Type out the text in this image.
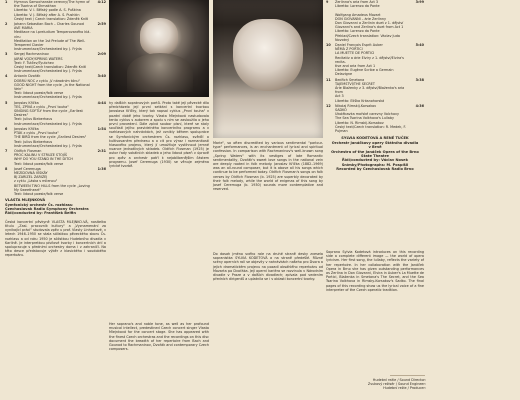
1	4:12
Hymnus Samochanske cerevny/The hymn of
the Tsarina of Shmakhan
Libretto: V. I. Bělský podle A. S. Puškina
Libretto: V. J. Bělský after A. S. Pushkin
Český text / Czech translation: Zdeněk Knitl
2	2:59
Johann Sebastian Bach – Charles Gounod
AVE MARIA
Meditace na I.preludium Temperovaného klá-
víru
Meditation on the 1st Prelude of The Well-
Tempered Clavier
Instrumentace/Orchestrated by: J. Frýda
3	2:09
Sergej Rachmaninov
JARNÍ VODY/SPRING WATERS
Text: F. Ťutčev/Tyutchev
Český text/Czech translation: Zdeněk Knitl
Instrumentace/Orchestrated by: J. Frýda
4	3:40
Antonín Dvořák
DOBRÚ NOC z cyklu „V národním tónu"
GOOD NIGHT from the cycle „In the National
Vein"
Text: lidová poesie/folk verse
Instrumentace/Orchestrated by: J. Frýda
5	4:44
Jaroslav Křička
TEŠ, ZPÍVÁ z cyklu „První touha"
SINGING SOFTLY from the cycle „Earliest
Desires"
Text: Julius Bieberhaus
Instrumentace/Orchestrated by: J. Frýda
6	1:54
Jaroslav Křička
PTÁK z cyklu „První touha"
THE BIRD from the cycle „Earliest Desires"
Text: Julius Bieberhaus
Instrumentace/Orchestrated by: J. Frýda
7	2:31
Oldřich Flosman
PROČ KALINU V STRUZE STOJÍŠ
WHY DO YOU STAND IN THE DITCH
Text: lidová poesie/folk verse
8	1:36
Josef Ceremuga
MEZIDOVNÁ VÍSKÁY
BJ ZARIZEL ZARIZEJ
z cyklu „Láska s milenou"
BETWEEN TWO HILLS from the cycle „Loving
My Sweetheart"
Text: lidová poesie/folk verse
VLASTA MLEJNKOVÁ
Symfonický orchestr Čs. rozhlasu
Czechoslovak Radio Symphony Orchestra
Řídí/conducted by: František Belfin
Česká koncertní pěvkyně VLASTA MLEJNKO-VÁ, nositelka titulu „Zasl. pracovník kultury" a „Vyznamenání za vynikající práci" studovala zpěv u prof. Vlasty Linhartové, v letech 1946–1950 se stala sólistkou pěveckého sboru Čs. rozhlasu a od roku 1950 je sólistkou Hudebního divadla v Karlíně. Je interpretkou písňové tvorby i koncertních árií a spolupracuje s předními orchestry doma i v zahraničí. Na této desce představuje výběr z klasického i soudobého repertoáru.
hy dalších sopránových partů. Proto také její pěvecké dílo předcházelo její první setkání s koncertní tvorbou Jaroslava Křičky, který tak napsal cyklus „První touha" v pozdní době jeho tvorby. Vlasta Mlejnková nastudovala tento cyklus s autorem a spolu s ním se zasloužila o jeho první provedení. Dále zpívá soubor písní, které se staly součástí jejího pravidelného koncertního programu a v rozhlasových nahrávkách, jež vznikly během spolupráce se Symfonickým orchestrem Čs. rozhlasu, svědčí o kultivovaném přednesu a o cit pro výraz i rozmanitosti hlasového projevu, který jí umožňuje vystihnout jemné nuance jednotlivých skladeb. Oldřich Flosman (1925) je autor řady vokálních skladeb a jeho lidová píseň v úpravě pro zpěv a orchestr patří k nejoblíbenějším částem programu. Josef Ceremuga (1930) se věnuje zejména lyrické tvorbě.
Her soprano's and noble tone, as well as her profound musical intellect, predestined Czech concert singer Vlasta Mlejnková for the concert stage. She has appeared with the finest Czech orchestras and the recordings on this disc document the breadth of her repertoire from Bach and Gounod to Rachmaninov, Dvořák and contemporary Czech composers.
Marie", so often discredited by various sentimental "parlour-type" performances, is an enchantment of lyrical and spiritual confession. In comparison with Rachmaninov's well-known song „Spring Waters" with its vestiges of late Romantic sentimentality, Dvořák's sweet love songs in the national vein are deeply rooted in folk melody. Jaroslav Křička (1882–1969) was an all-round composer, but it is above all his songs which continue to be performed today. Oldřich Flosman's songs on folk verses by Oldřich Flosman (b. 1925) are superbly decorated by their folk melody, while the world of enigmas of this song by Josef Ceremuga (b. 1930) sounds more contemplative and reserved.
Do dosah jméno svého rale na druhé straně desky zvesela sopranistka SYLVIA KODETOVÁ a na straně předešlé. Různé scény operních rolí se objevily v nahrávkách našeho pro Dvora a jejich dramatickém projevu na pozadí obsáhlého repertoáru od Mozarta po Dvořáka. Její operní kariéra se rozvinula v Národním divadle v Praze a v dalších divadlech; zpívala pod vedením předních dirigentů a uplatnila se i v oblasti koncertní tvorby.
9	3:99
Zerlinna's aria from Act 3
Libretto: Lorenzo da Ponte

Wolfgang Amadeus Mozart
DON GIOVANNI – árie Zerlinny
Don Giovanni a Zerlinin duet z 1. dějství
Giovanni's and Zerlina's duet from Act 1
Libretto: Lorenzo da Ponte
Překlad/Czech translation: Václav Juda Novotný
10	5:40
Daniel François Esprit Auber
NĚMÁ Z PORTICI
LA MUETTE DE PORTICI
Recitativ a árie Elviry z 1. dějství/Elvira's recita-
tive and aria from Act 1
Libretto: Eugène Scribe a Germain Delavigne
11	3:38
Bedřich Smetana
TAJEMSTVÍ/THE SECRET
Árie Blaženky z 3. dějství/Blaženka's aria from
Act 3
Libretto: Eliška Krásnohorská
12	4:36
Nikolaj Rimskij-Korsakov
SADKO
Ukolébavka mořské carevny Volchovy
The Sea Tsarina Volkhova's Lullaby
Libretto: N. Rimskij-Korsakov
Český text/Czech translation: R. Medek, F. Pujman
SYLVIA KODETOVÁ A RENÉ TUČEK
Orchestr Janáčkovy opery Státního divadla
v Brně
Orchestra of the Janáček Opera of the Brno
State Theatre
Řídí/conducted by: Václav Nosek
Snímky/Photographs: M. Pospíšil
Recorded by Czechoslovak Radio Brno
Soprano Sylvia Kodetová introduces on this recording side a complete different image — the world of opera lyricism. Her first song, the lullaby, reflects the variety of her repertoire. In her collaboration with the Janáček Opera in Brno she has given outstanding performances as Zerlina in Don Giovanni, Elvira in Auber's La Muette de Portici, Blaženka in Smetana's The Secret, and the Sea Tsarina Volkhova in Rimsky-Korsakov's Sadko. The final pages of this recording show us the lyrical voice of a fine interpreter of the Czech operatic tradition.
Hudební režie / Sound Director:
Zvukový režisér / Sound Engineer:
Hudební režie / Producer:
